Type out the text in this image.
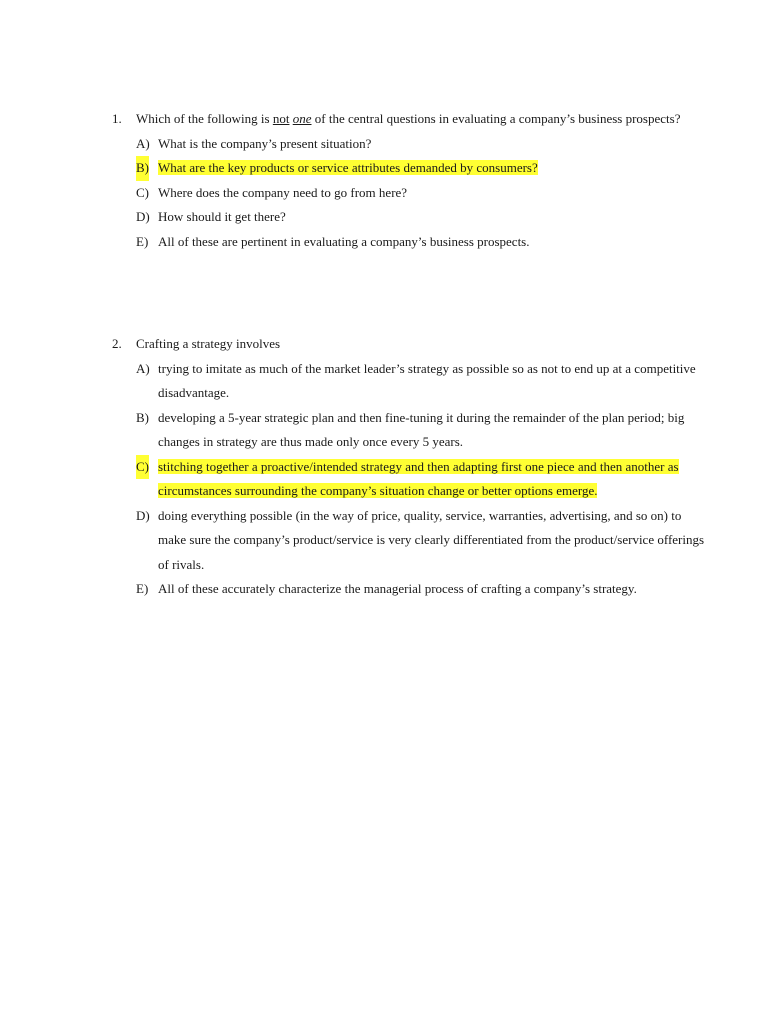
1. Which of the following is not one of the central questions in evaluating a company’s business prospects?
A) What is the company’s present situation?
B) What are the key products or service attributes demanded by consumers?
C) Where does the company need to go from here?
D) How should it get there?
E) All of these are pertinent in evaluating a company’s business prospects.
2. Crafting a strategy involves
A) trying to imitate as much of the market leader’s strategy as possible so as not to end up at a competitive disadvantage.
B) developing a 5-year strategic plan and then fine-tuning it during the remainder of the plan period; big changes in strategy are thus made only once every 5 years.
C) stitching together a proactive/intended strategy and then adapting first one piece and then another as circumstances surrounding the company’s situation change or better options emerge.
D) doing everything possible (in the way of price, quality, service, warranties, advertising, and so on) to make sure the company’s product/service is very clearly differentiated from the product/service offerings of rivals.
E) All of these accurately characterize the managerial process of crafting a company’s strategy.
